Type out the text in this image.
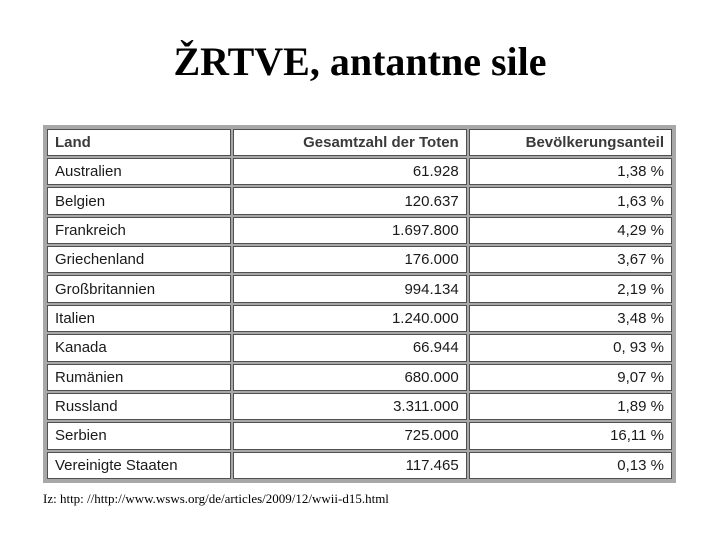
ŽRTVE, antantne sile
Land	Gesamtzahl der Toten	Bevölkerungsanteil
Australien	61.928	1,38 %
Belgien	120.637	1,63 %
Frankreich	1.697.800	4,29 %
Griechenland	176.000	3,67 %
Großbritannien	994.134	2,19 %
Italien	1.240.000	3,48 %
Kanada	66.944	0, 93 %
Rumänien	680.000	9,07 %
Russland	3.311.000	1,89 %
Serbien	725.000	16,11 %
Vereinigte Staaten	117.465	0,13 %
Iz: http: //http://www.wsws.org/de/articles/2009/12/wwii-d15.html
